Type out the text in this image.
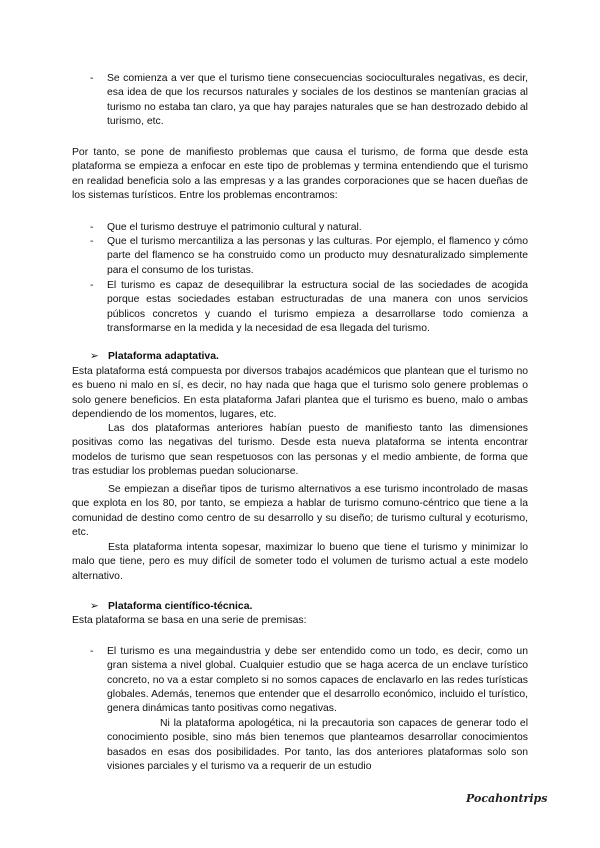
-	Se comienza a ver que el turismo tiene consecuencias socioculturales negativas, es decir, esa idea de que los recursos naturales y sociales de los destinos se mantenían gracias al turismo no estaba tan claro, ya que hay parajes naturales que se han destrozado debido al turismo, etc.

Por tanto, se pone de manifiesto problemas que causa el turismo, de forma que desde esta plataforma se empieza a enfocar en este tipo de problemas y termina entendiendo que el turismo en realidad beneficia solo a las empresas y a las grandes corporaciones que se hacen dueñas de los sistemas turísticos. Entre los problemas encontramos:

-	Que el turismo destruye el patrimonio cultural y natural.

-	Que el turismo mercantiliza a las personas y las culturas. Por ejemplo, el flamenco y cómo parte del flamenco se ha construido como un producto muy desnaturalizado simplemente para el consumo de los turistas.

-	El turismo es capaz de desequilibrar la estructura social de las sociedades de acogida porque estas sociedades estaban estructuradas de una manera con unos servicios públicos concretos y cuando el turismo empieza a desarrollarse todo comienza a transformarse en la medida y la necesidad de esa llegada del turismo.

➢ Plataforma adaptativa.

Esta plataforma está compuesta por diversos trabajos académicos que plantean que el turismo no es bueno ni malo en sí, es decir, no hay nada que haga que el turismo solo genere problemas o solo genere beneficios. En esta plataforma Jafari plantea que el turismo es bueno, malo o ambas dependiendo de los momentos, lugares, etc.

Las dos plataformas anteriores habían puesto de manifiesto tanto las dimensiones positivas como las negativas del turismo. Desde esta nueva plataforma se intenta encontrar modelos de turismo que sean respetuosos con las personas y el medio ambiente, de forma que tras estudiar los problemas puedan solucionarse.

Se empiezan a diseñar tipos de turismo alternativos a ese turismo incontrolado de masas que explota en los 80, por tanto, se empieza a hablar de turismo comuno-céntrico que tiene a la comunidad de destino como centro de su desarrollo y su diseño; de turismo cultural y ecoturismo, etc.

Esta plataforma intenta sopesar, maximizar lo bueno que tiene el turismo y minimizar lo malo que tiene, pero es muy difícil de someter todo el volumen de turismo actual a este modelo alternativo.

➢ Plataforma científico-técnica.

Esta plataforma se basa en una serie de premisas:

-	El turismo es una megaindustria y debe ser entendido como un todo, es decir, como un gran sistema a nivel global. Cualquier estudio que se haga acerca de un enclave turístico concreto, no va a estar completo si no somos capaces de enclavarlo en las redes turísticas globales. Además, tenemos que entender que el desarrollo económico, incluido el turístico, genera dinámicas tanto positivas como negativas.

Ni la plataforma apologética, ni la precautoria son capaces de generar todo el conocimiento posible, sino más bien tenemos que planteamos desarrollar conocimientos basados en esas dos posibilidades. Por tanto, las dos anteriores plataformas solo son visiones parciales y el turismo va a requerir de un estudio

Pocahontrips
